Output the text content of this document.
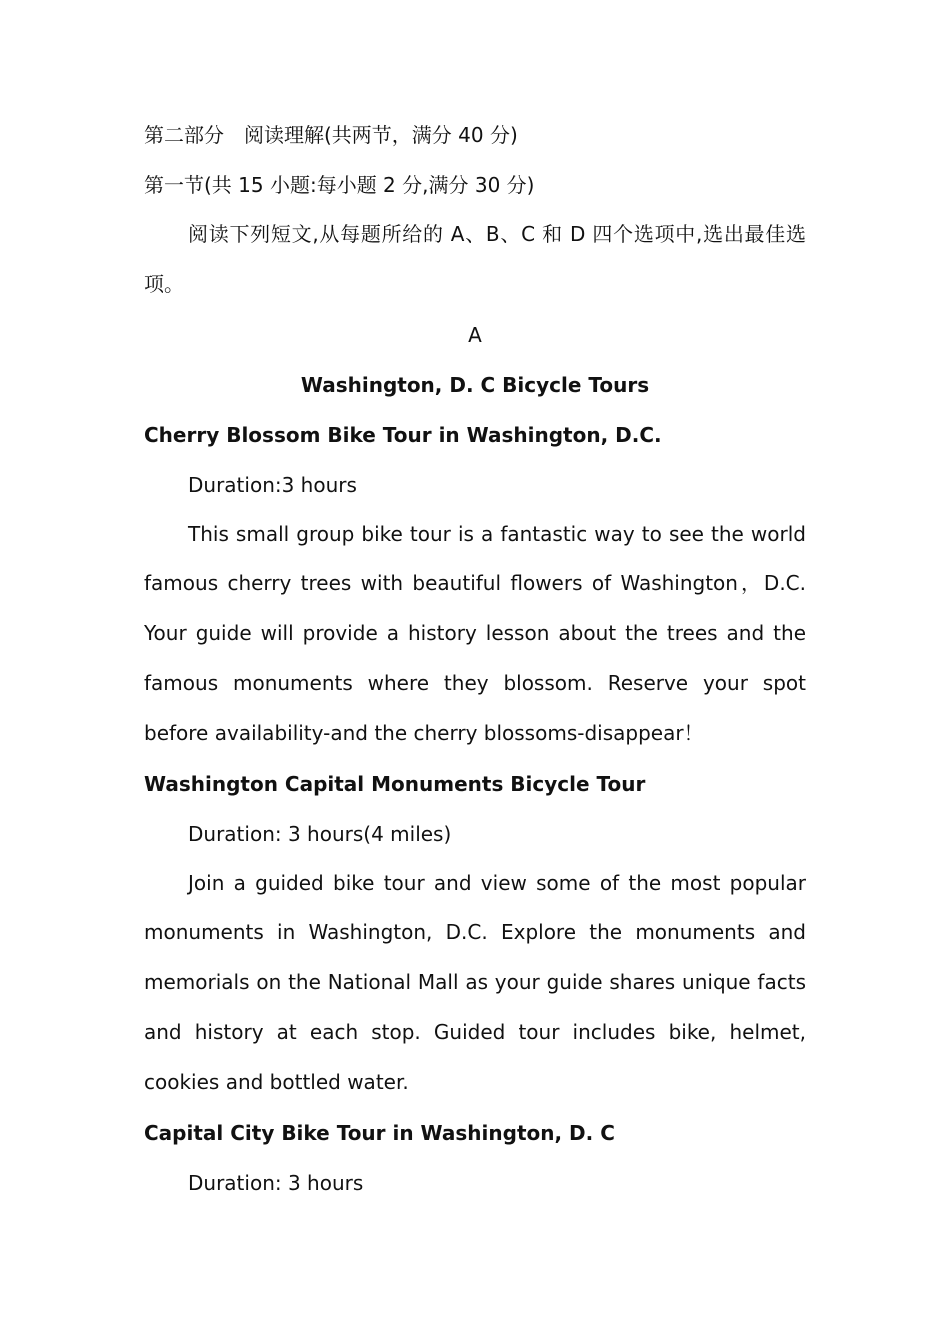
第二部分　阅读理解(共两节，满分 40 分)
第一节(共 15 小题:每小题 2 分,满分 30 分)

阅读下列短文,从每题所给的 A、B、C 和 D 四个选项中,选出最佳选项。

A
Washington, D. C Bicycle Tours
Cherry Blossom Bike Tour in Washington, D.C.
Duration:3 hours

This small group bike tour is a fantastic way to see the world famous cherry trees with beautiful flowers of Washington，D.C. Your guide will provide a history lesson about the trees and the famous monuments where they blossom. Reserve your spot before availability-and the cherry blossoms-disappear！

Washington Capital Monuments Bicycle Tour
Duration: 3 hours(4 miles)

Join a guided bike tour and view some of the most popular monuments in Washington, D.C. Explore the monuments and memorials on the National Mall as your guide shares unique facts and history at each stop. Guided tour includes bike, helmet, cookies and bottled water.

Capital City Bike Tour in Washington, D. C
Duration: 3 hours
